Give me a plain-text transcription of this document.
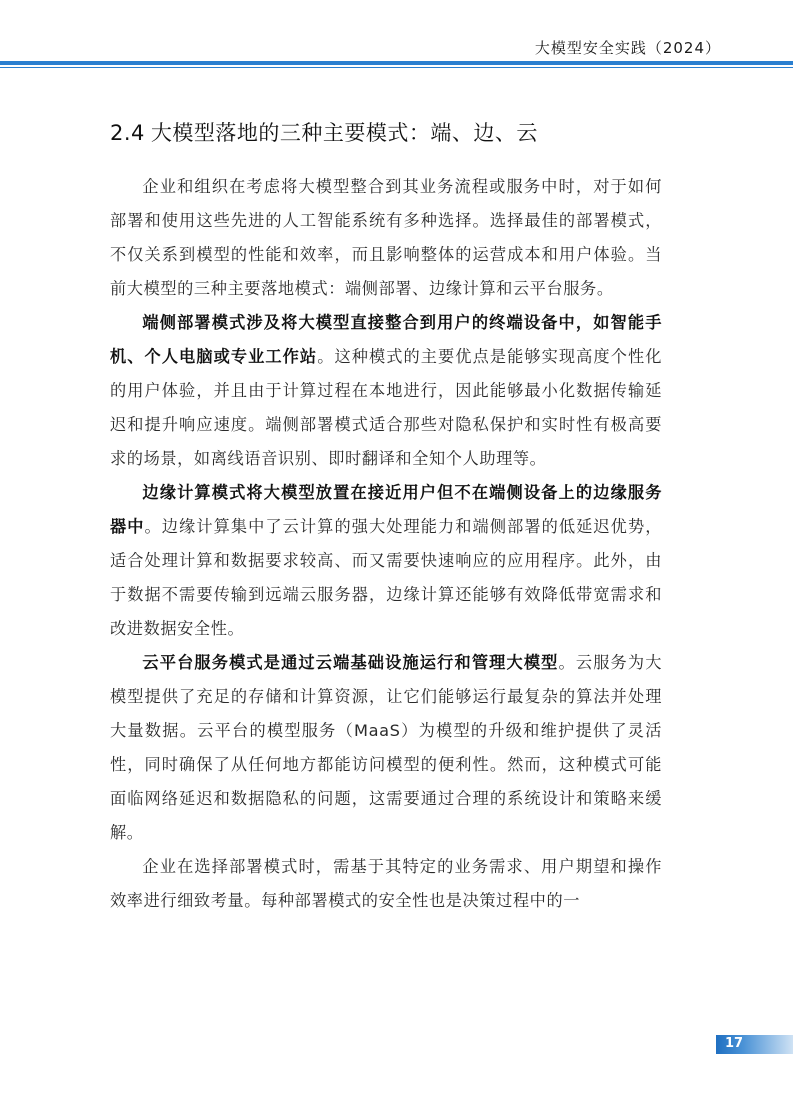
大模型安全实践（2024）
2.4 大模型落地的三种主要模式：端、边、云

企业和组织在考虑将大模型整合到其业务流程或服务中时，对于如何部署和使用这些先进的人工智能系统有多种选择。选择最佳的部署模式，不仅关系到模型的性能和效率，而且影响整体的运营成本和用户体验。当前大模型的三种主要落地模式：端侧部署、边缘计算和云平台服务。

端侧部署模式涉及将大模型直接整合到用户的终端设备中，如智能手机、个人电脑或专业工作站。这种模式的主要优点是能够实现高度个性化的用户体验，并且由于计算过程在本地进行，因此能够最小化数据传输延迟和提升响应速度。端侧部署模式适合那些对隐私保护和实时性有极高要求的场景，如离线语音识别、即时翻译和全知个人助理等。

边缘计算模式将大模型放置在接近用户但不在端侧设备上的边缘服务器中。边缘计算集中了云计算的强大处理能力和端侧部署的低延迟优势，适合处理计算和数据要求较高、而又需要快速响应的应用程序。此外，由于数据不需要传输到远端云服务器，边缘计算还能够有效降低带宽需求和改进数据安全性。

云平台服务模式是通过云端基础设施运行和管理大模型。云服务为大模型提供了充足的存储和计算资源，让它们能够运行最复杂的算法并处理大量数据。云平台的模型服务（MaaS）为模型的升级和维护提供了灵活性，同时确保了从任何地方都能访问模型的便利性。然而，这种模式可能面临网络延迟和数据隐私的问题，这需要通过合理的系统设计和策略来缓解。

企业在选择部署模式时，需基于其特定的业务需求、用户期望和操作效率进行细致考量。每种部署模式的安全性也是决策过程中的一

17
